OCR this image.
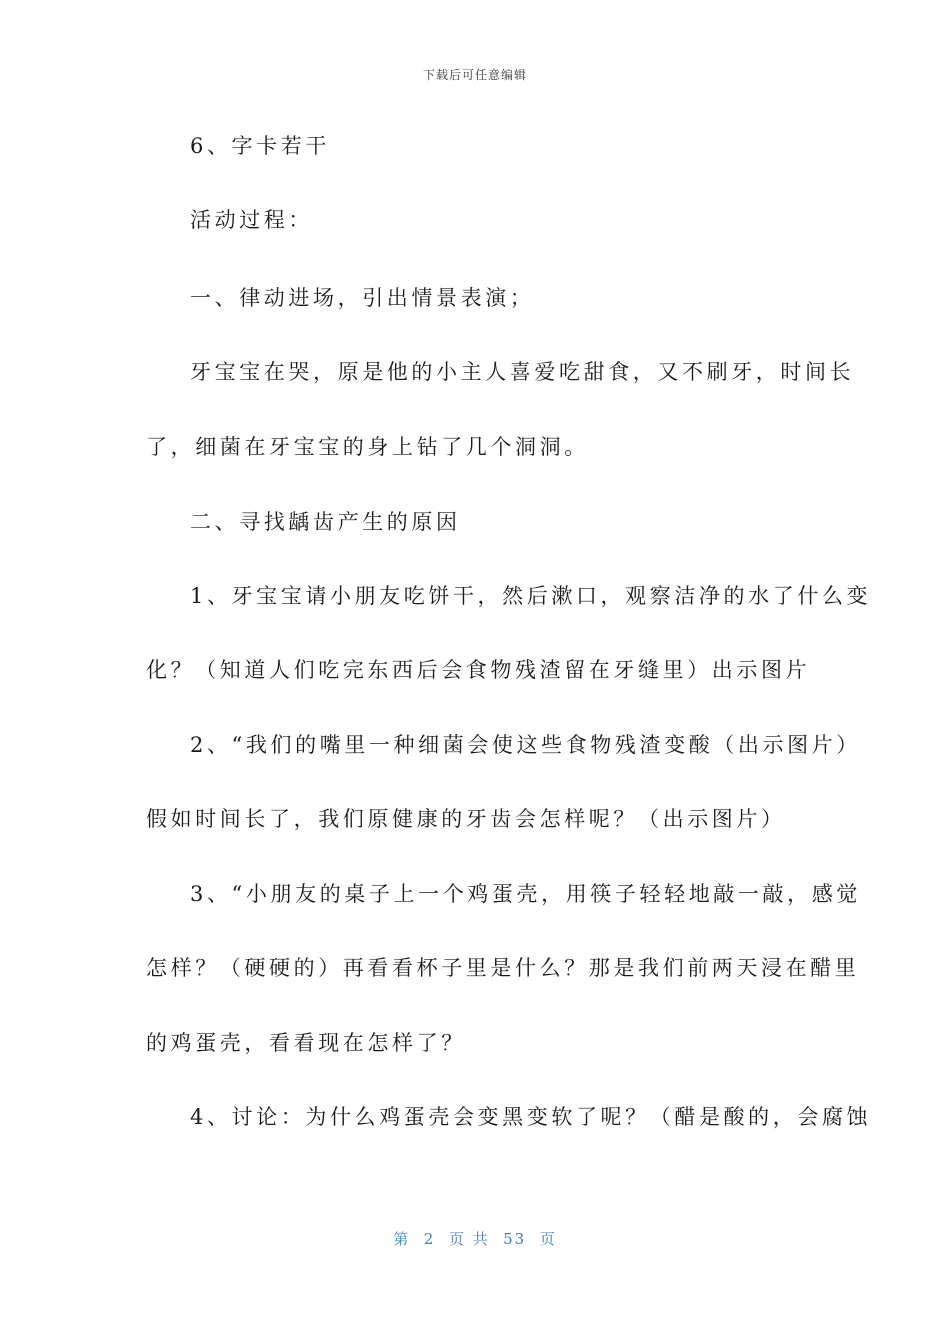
下载后可任意编辑
6、字卡若干
活动过程：
一、律动进场，引出情景表演；
牙宝宝在哭，原是他的小主人喜爱吃甜食，又不刷牙，时间长
了，细菌在牙宝宝的身上钻了几个洞洞。
二、寻找龋齿产生的原因
1、牙宝宝请小朋友吃饼干，然后漱口，观察洁净的水了什么变
化？（知道人们吃完东西后会食物残渣留在牙缝里）出示图片
2、“我们的嘴里一种细菌会使这些食物残渣变酸（出示图片）
假如时间长了，我们原健康的牙齿会怎样呢？（出示图片）
3、“小朋友的桌子上一个鸡蛋壳，用筷子轻轻地敲一敲，感觉
怎样？（硬硬的）再看看杯子里是什么？那是我们前两天浸在醋里
的鸡蛋壳，看看现在怎样了？
4、讨论：为什么鸡蛋壳会变黑变软了呢？（醋是酸的，会腐蚀
第  2  页 共  53  页
